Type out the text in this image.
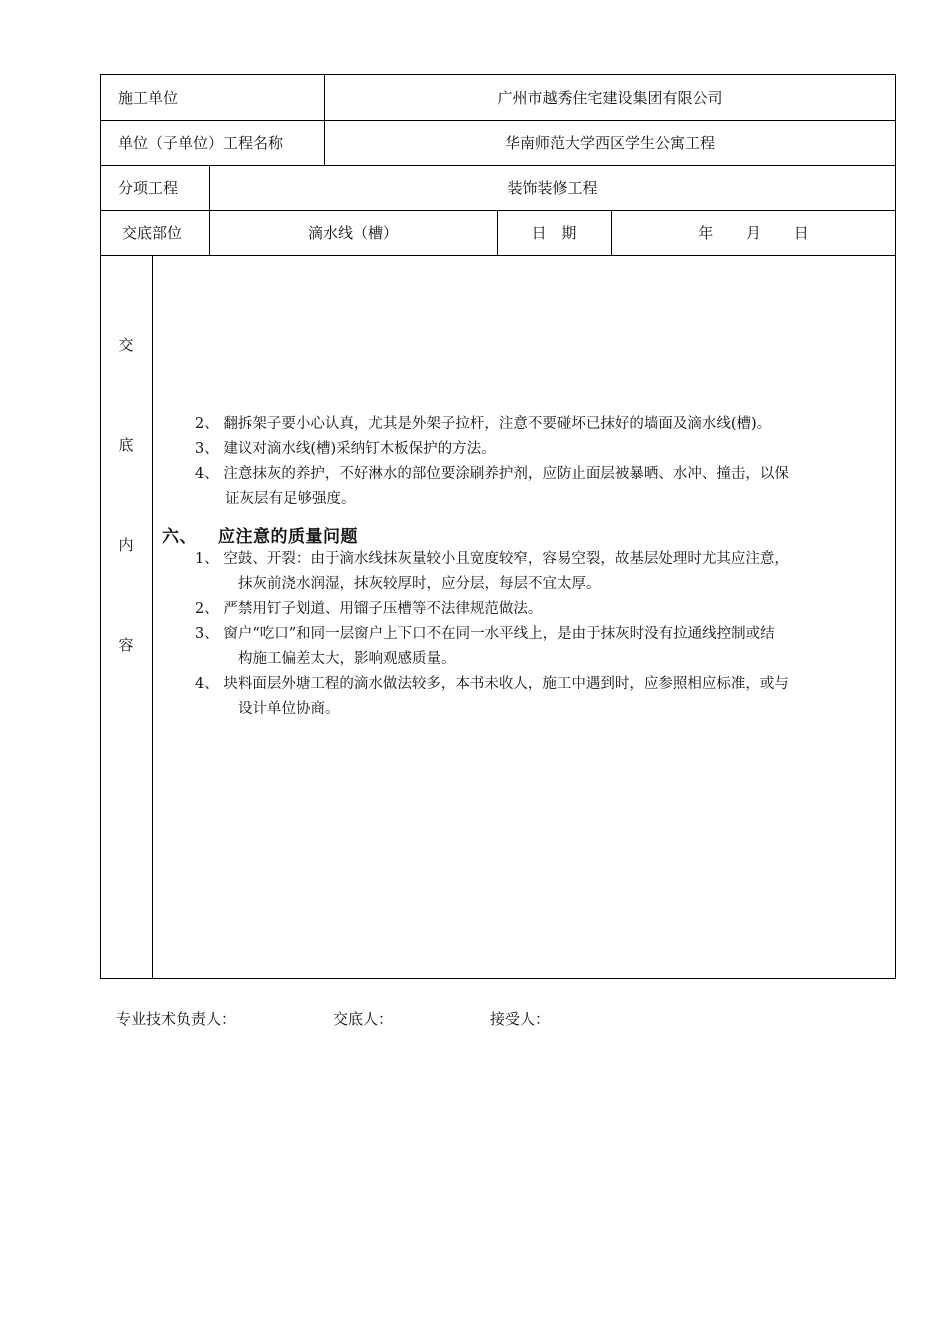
施工单位	广州市越秀住宅建设集团有限公司
单位（子单位）工程名称	华南师范大学西区学生公寓工程
分项工程	装饰装修工程
交底部位	滴水线（槽）	日 期	年 月 日
交
底
内
容
2、 翻拆架子要小心认真，尤其是外架子拉杆，注意不要碰坏已抹好的墙面及滴水线(槽)。
3、 建议对滴水线(槽)采纳钉木板保护的方法。
4、 注意抹灰的养护，不好淋水的部位要涂刷养护剂，应防止面层被暴晒、水冲、撞击，以保
证灰层有足够强度。
六、 应注意的质量问题
1、 空鼓、开裂：由于滴水线抹灰量较小且宽度较窄，容易空裂，故基层处理时尤其应注意，
抹灰前浇水润湿，抹灰较厚时，应分层，每层不宜太厚。
2、 严禁用钉子划道、用镏子压槽等不法律规范做法。
3、 窗户“吃口”和同一层窗户上下口不在同一水平线上，是由于抹灰时没有拉通线控制或结
构施工偏差太大，影响观感质量。
4、 块料面层外塘工程的滴水做法较多，本书未收人，施工中遇到时，应参照相应标准，或与
设计单位协商。
专业技术负责人：	交底人：	接受人：
